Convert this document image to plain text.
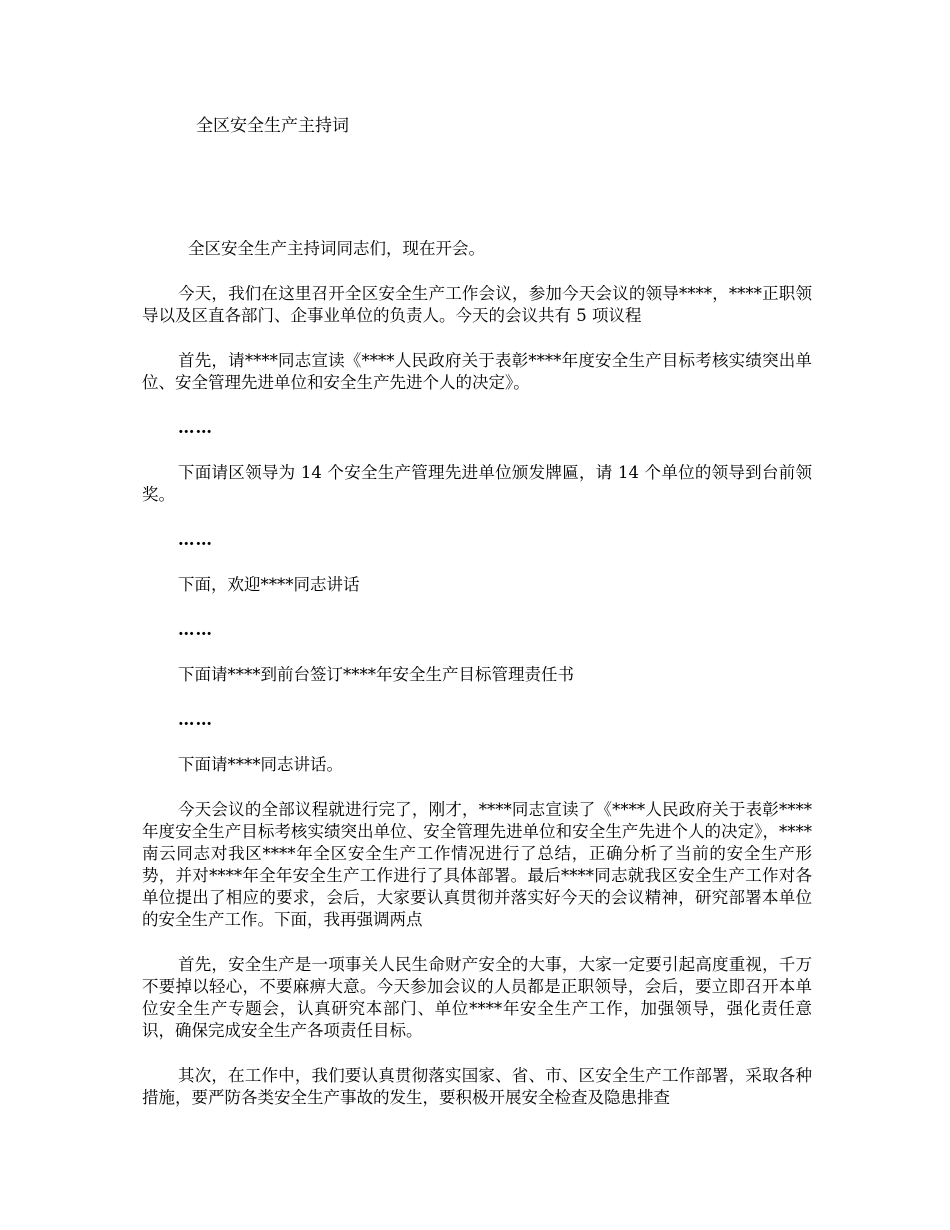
全区安全生产主持词

全区安全生产主持词同志们，现在开会。

今天，我们在这里召开全区安全生产工作会议，参加今天会议的领导****，****正职领导以及区直各部门、企事业单位的负责人。今天的会议共有 5 项议程

首先，请****同志宣读《****人民政府关于表彰****年度安全生产目标考核实绩突出单位、安全管理先进单位和安全生产先进个人的决定》。

……

下面请区领导为 14 个安全生产管理先进单位颁发牌匾，请 14 个单位的领导到台前领奖。

……

下面，欢迎****同志讲话

……

下面请****到前台签订****年安全生产目标管理责任书

……

下面请****同志讲话。

今天会议的全部议程就进行完了，刚才，****同志宣读了《****人民政府关于表彰****年度安全生产目标考核实绩突出单位、安全管理先进单位和安全生产先进个人的决定》，****南云同志对我区****年全区安全生产工作情况进行了总结，正确分析了当前的安全生产形势，并对****年全年安全生产工作进行了具体部署。最后****同志就我区安全生产工作对各单位提出了相应的要求，会后，大家要认真贯彻并落实好今天的会议精神，研究部署本单位的安全生产工作。下面，我再强调两点

首先，安全生产是一项事关人民生命财产安全的大事，大家一定要引起高度重视，千万不要掉以轻心，不要麻痹大意。今天参加会议的人员都是正职领导，会后，要立即召开本单位安全生产专题会，认真研究本部门、单位****年安全生产工作，加强领导，强化责任意识，确保完成安全生产各项责任目标。

其次，在工作中，我们要认真贯彻落实国家、省、市、区安全生产工作部署，采取各种措施，要严防各类安全生产事故的发生，要积极开展安全检查及隐患排查
